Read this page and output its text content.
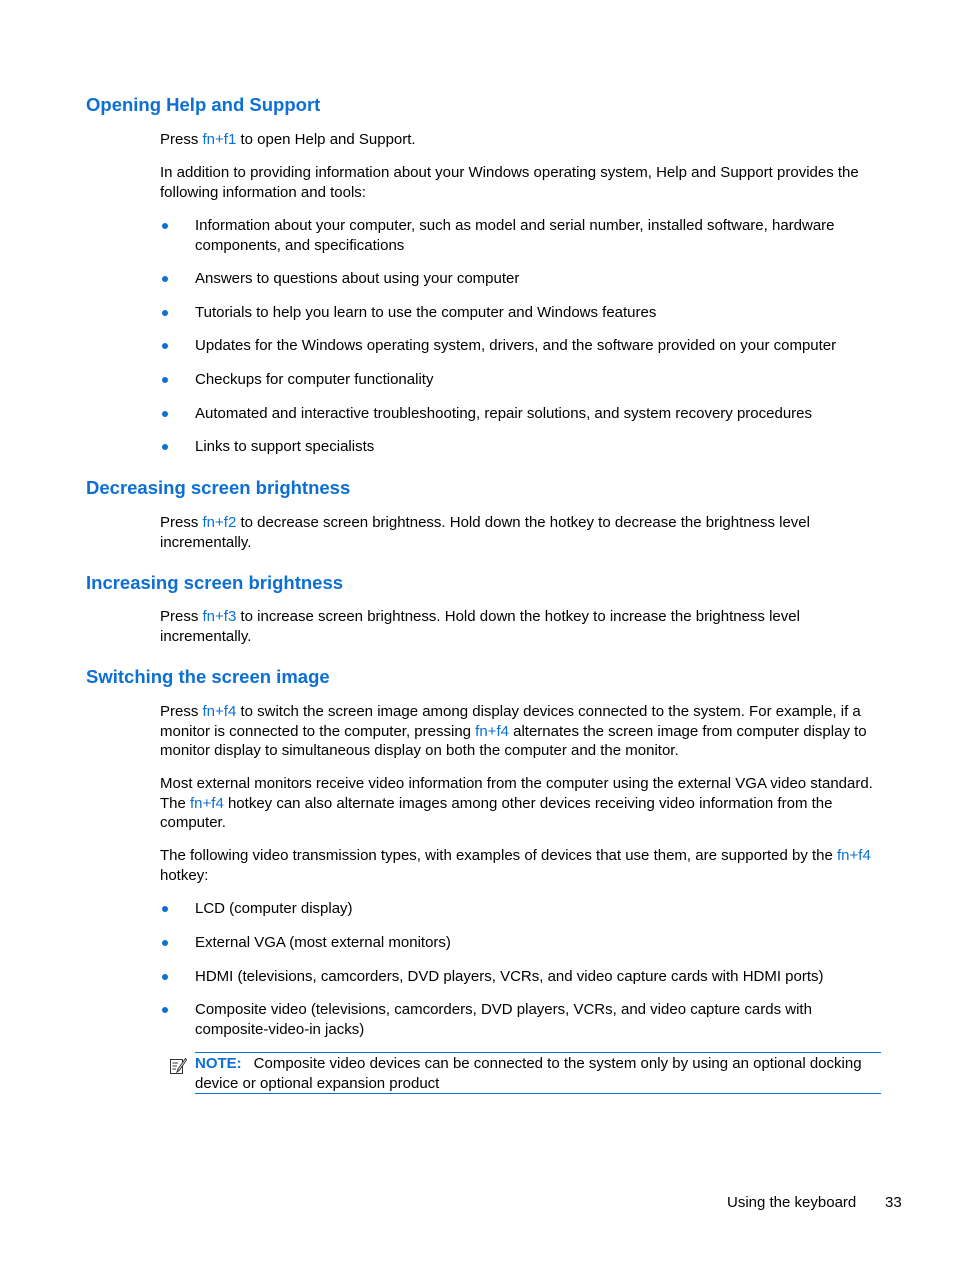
Opening Help and Support

Press fn+f1 to open Help and Support.

In addition to providing information about your Windows operating system, Help and Support provides the following information and tools:

Information about your computer, such as model and serial number, installed software, hardware components, and specifications
Answers to questions about using your computer
Tutorials to help you learn to use the computer and Windows features
Updates for the Windows operating system, drivers, and the software provided on your computer
Checkups for computer functionality
Automated and interactive troubleshooting, repair solutions, and system recovery procedures
Links to support specialists
Decreasing screen brightness

Press fn+f2 to decrease screen brightness. Hold down the hotkey to decrease the brightness level incrementally.

Increasing screen brightness

Press fn+f3 to increase screen brightness. Hold down the hotkey to increase the brightness level incrementally.

Switching the screen image

Press fn+f4 to switch the screen image among display devices connected to the system. For example, if a monitor is connected to the computer, pressing fn+f4 alternates the screen image from computer display to monitor display to simultaneous display on both the computer and the monitor.

Most external monitors receive video information from the computer using the external VGA video standard. The fn+f4 hotkey can also alternate images among other devices receiving video information from the computer.

The following video transmission types, with examples of devices that use them, are supported by the fn+f4 hotkey:

LCD (computer display)
External VGA (most external monitors)
HDMI (televisions, camcorders, DVD players, VCRs, and video capture cards with HDMI ports)
Composite video (televisions, camcorders, DVD players, VCRs, and video capture cards with composite-video-in jacks)
NOTE: Composite video devices can be connected to the system only by using an optional docking device or optional expansion product
Using the keyboard 33
